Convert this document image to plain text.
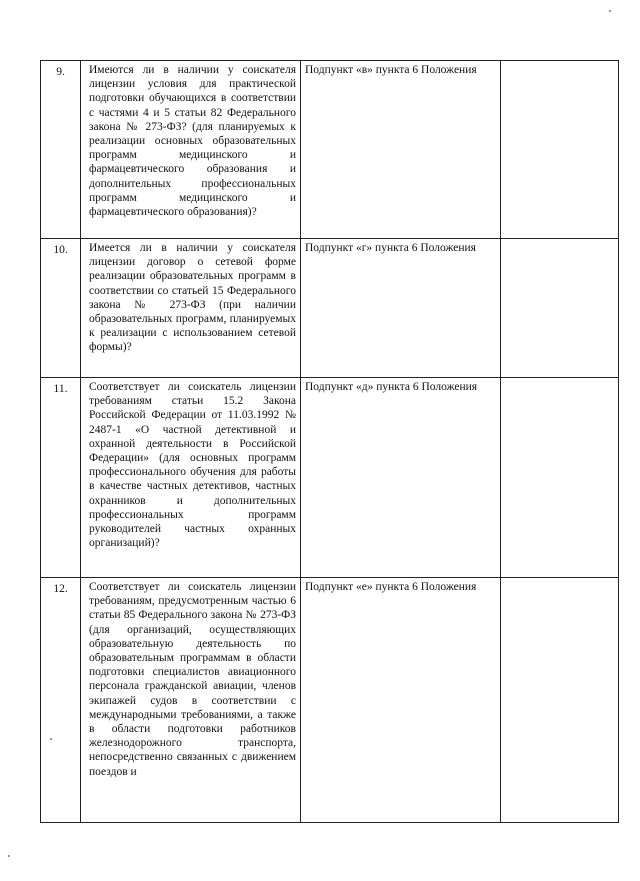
9.	Имеются ли в наличии у соискателя лицензии условия для практической подготовки обучающихся в соответствии с частями 4 и 5 статьи 82 Федерального закона № 273-ФЗ? (для планируемых к реализации основных образовательных программ медицинского и фармацевтического образования и дополнительных профессиональных программ медицинского и фармацевтического образования)?	Подпункт «в» пункта 6 Положения	
10.	Имеется ли в наличии у соискателя лицензии договор о сетевой форме реализации образовательных программ в соответствии со статьей 15 Федерального закона № 273-ФЗ (при наличии образовательных программ, планируемых к реализации с использованием сетевой формы)?	Подпункт «г» пункта 6 Положения	
11.	Соответствует ли соискатель лицензии требованиям статьи 15.2 Закона Российской Федерации от 11.03.1992 № 2487-1 «О частной детективной и охранной деятельности в Российской Федерации» (для основных программ профессионального обучения для работы в качестве частных детективов, частных охранников и дополнительных профессиональных программ руководителей частных охранных организаций)?	Подпункт «д» пункта 6 Положения	
12.	Соответствует ли соискатель лицензии требованиям, предусмотренным частью 6 статьи 85 Федерального закона № 273-ФЗ (для организаций, осуществляющих образовательную деятельность по образовательным программам в области подготовки специалистов авиационного персонала гражданской авиации, членов экипажей судов в соответствии с международными требованиями, а также в области подготовки работников железнодорожного транспорта, непосредственно связанных с движением поездов и	Подпункт «е» пункта 6 Положения	
